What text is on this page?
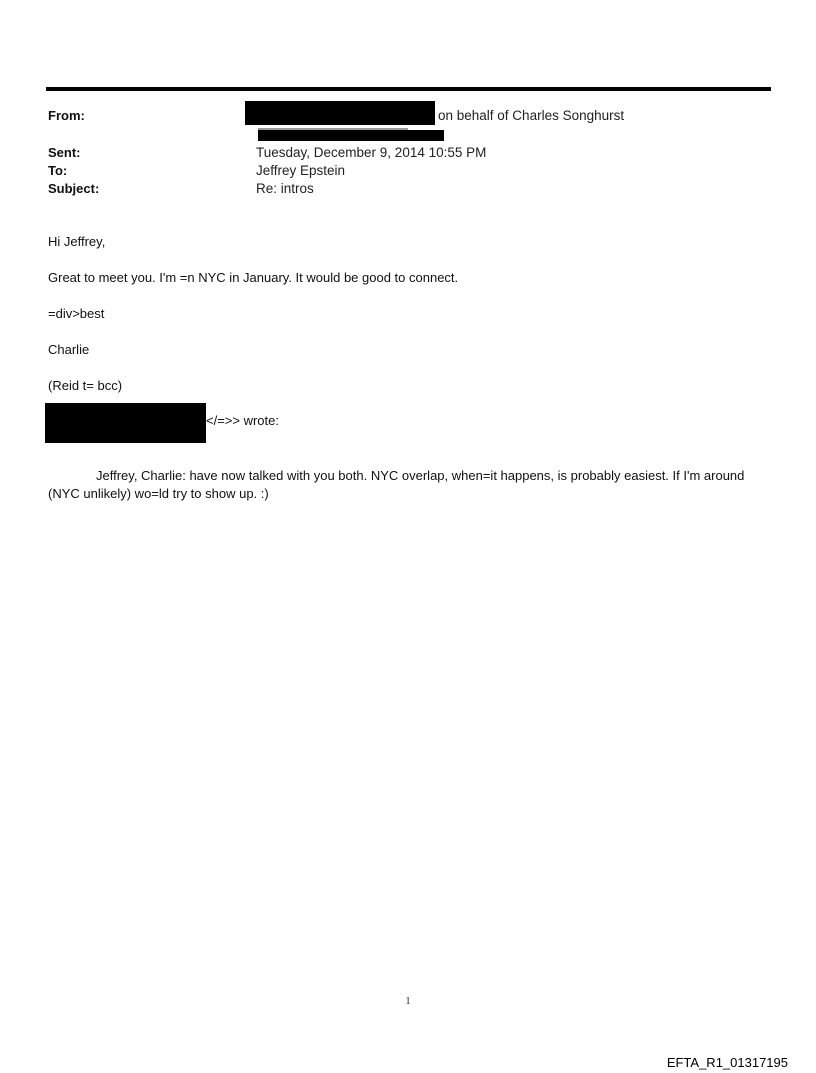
From:	on behalf of Charles Songhurst
Sent:	Tuesday, December 9, 2014 10:55 PM
To:	Jeffrey Epstein
Subject:	Re: intros
Hi Jeffrey,
Great to meet you. I'm =n NYC in January. It would be good to connect.
=div>best
Charlie
(Reid t= bcc)
</=>> wrote:
Jeffrey, Charlie: have now talked with you both. NYC overlap, when=it happens, is probably easiest. If I'm around (NYC unlikely) wo=ld try to show up. :)
1
EFTA_R1_01317195
